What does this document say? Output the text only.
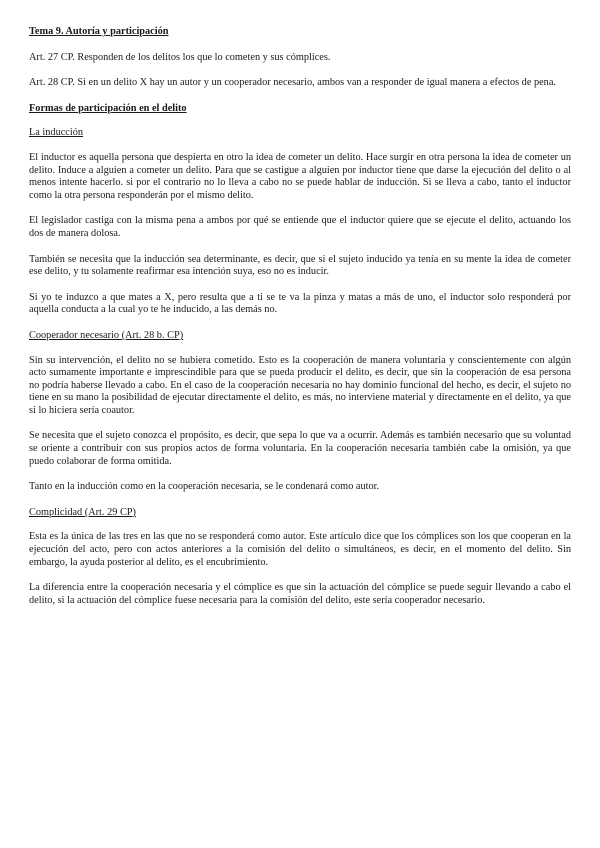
Tema 9. Autoría y participación

Art. 27 CP. Responden de los delitos los que lo cometen y sus cómplices.

Art. 28 CP. Si en un delito X hay un autor y un cooperador necesario, ambos van a responder de igual manera a efectos de pena.

Formas de participación en el delito

La inducción

El inductor es aquella persona que despierta en otro la idea de cometer un delito. Hace surgir en otra persona la idea de cometer un delito. Induce a alguien a cometer un delito. Para que se castigue a alguien por inductor tiene que darse la ejecución del delito o al menos intente hacerlo. si por el contrario no lo lleva a cabo no se puede hablar de inducción. Si se lleva a cabo, tanto el inductor como la otra persona responderán por el mismo delito.

El legislador castiga con la misma pena a ambos por qué se entiende que el inductor quiere que se ejecute el delito, actuando los dos de manera dolosa.

También se necesita que la inducción sea determinante, es decir, que si el sujeto inducido ya tenía en su mente la idea de cometer ese delito, y tu solamente reafirmar esa intención suya, eso no es inducir.

Si yo te induzco a que mates a X, pero resulta que a ti se te va la pinza y matas a más de uno, el inductor solo responderá por aquella conducta a la cual yo te he inducido, a las demás no.

Cooperador necesario (Art. 28 b. CP)

Sin su intervención, el delito no se hubiera cometido. Esto es la cooperación de manera voluntaria y conscientemente con algún acto sumamente importante e imprescindible para que se pueda producir el delito, es decir, que sin la cooperación de esa persona no podría haberse llevado a cabo. En el caso de la cooperación necesaria no hay dominio funcional del hecho, es decir, el sujeto no tiene en su mano la posibilidad de ejecutar directamente el delito, es más, no interviene material y directamente en el delito, ya que si lo hiciera sería coautor.

Se necesita que el sujeto conozca el propósito, es decir, que sepa lo que va a ocurrir. Además es también necesario que su voluntad se oriente a contribuir con sus propios actos de forma voluntaria. En la cooperación necesaria también cabe la omisión, ya que puedo colaborar de forma omitida.

Tanto en la inducción como en la cooperación necesaria, se le condenará como autor.

Complicidad (Art. 29 CP)

Esta es la única de las tres en las que no se responderá como autor. Este artículo dice que los cómplices son los que cooperan en la ejecución del acto, pero con actos anteriores a la comisión del delito o simultáneos, es decir, en el momento del delito. Sin embargo, la ayuda posterior al delito, es el encubrimiento.

La diferencia entre la cooperación necesaria y el cómplice es que sin la actuación del cómplice se puede seguir llevando a cabo el delito, si la actuación del cómplice fuese necesaria para la comisión del delito, este sería cooperador necesario.
